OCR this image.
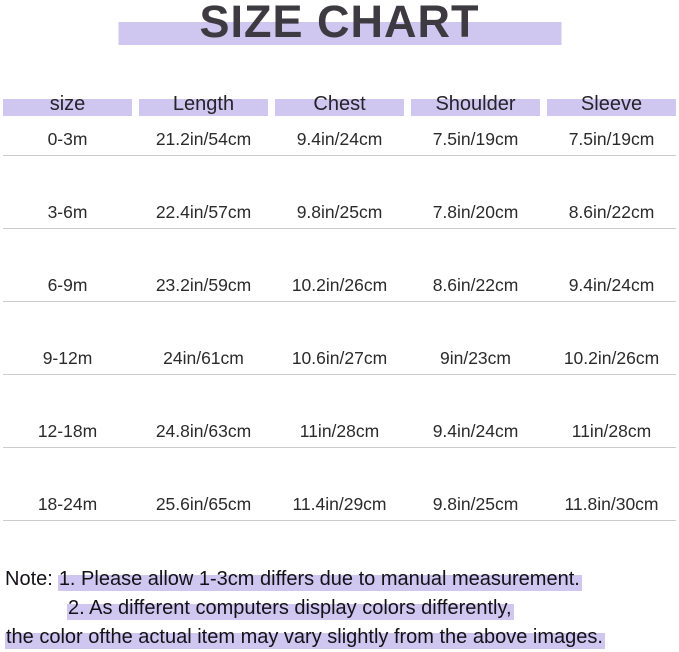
SIZE CHART
size	Length	Chest	Shoulder	Sleeve
0-3m	21.2in/54cm	9.4in/24cm	7.5in/19cm	7.5in/19cm
3-6m	22.4in/57cm	9.8in/25cm	7.8in/20cm	8.6in/22cm
6-9m	23.2in/59cm	10.2in/26cm	8.6in/22cm	9.4in/24cm
9-12m	24in/61cm	10.6in/27cm	9in/23cm	10.2in/26cm
12-18m	24.8in/63cm	11in/28cm	9.4in/24cm	11in/28cm
18-24m	25.6in/65cm	11.4in/29cm	9.8in/25cm	11.8in/30cm
Note: 1. Please allow 1-3cm differs due to manual measurement.
2. As different computers display colors differently,
the color ofthe actual item may vary slightly from the above images.
